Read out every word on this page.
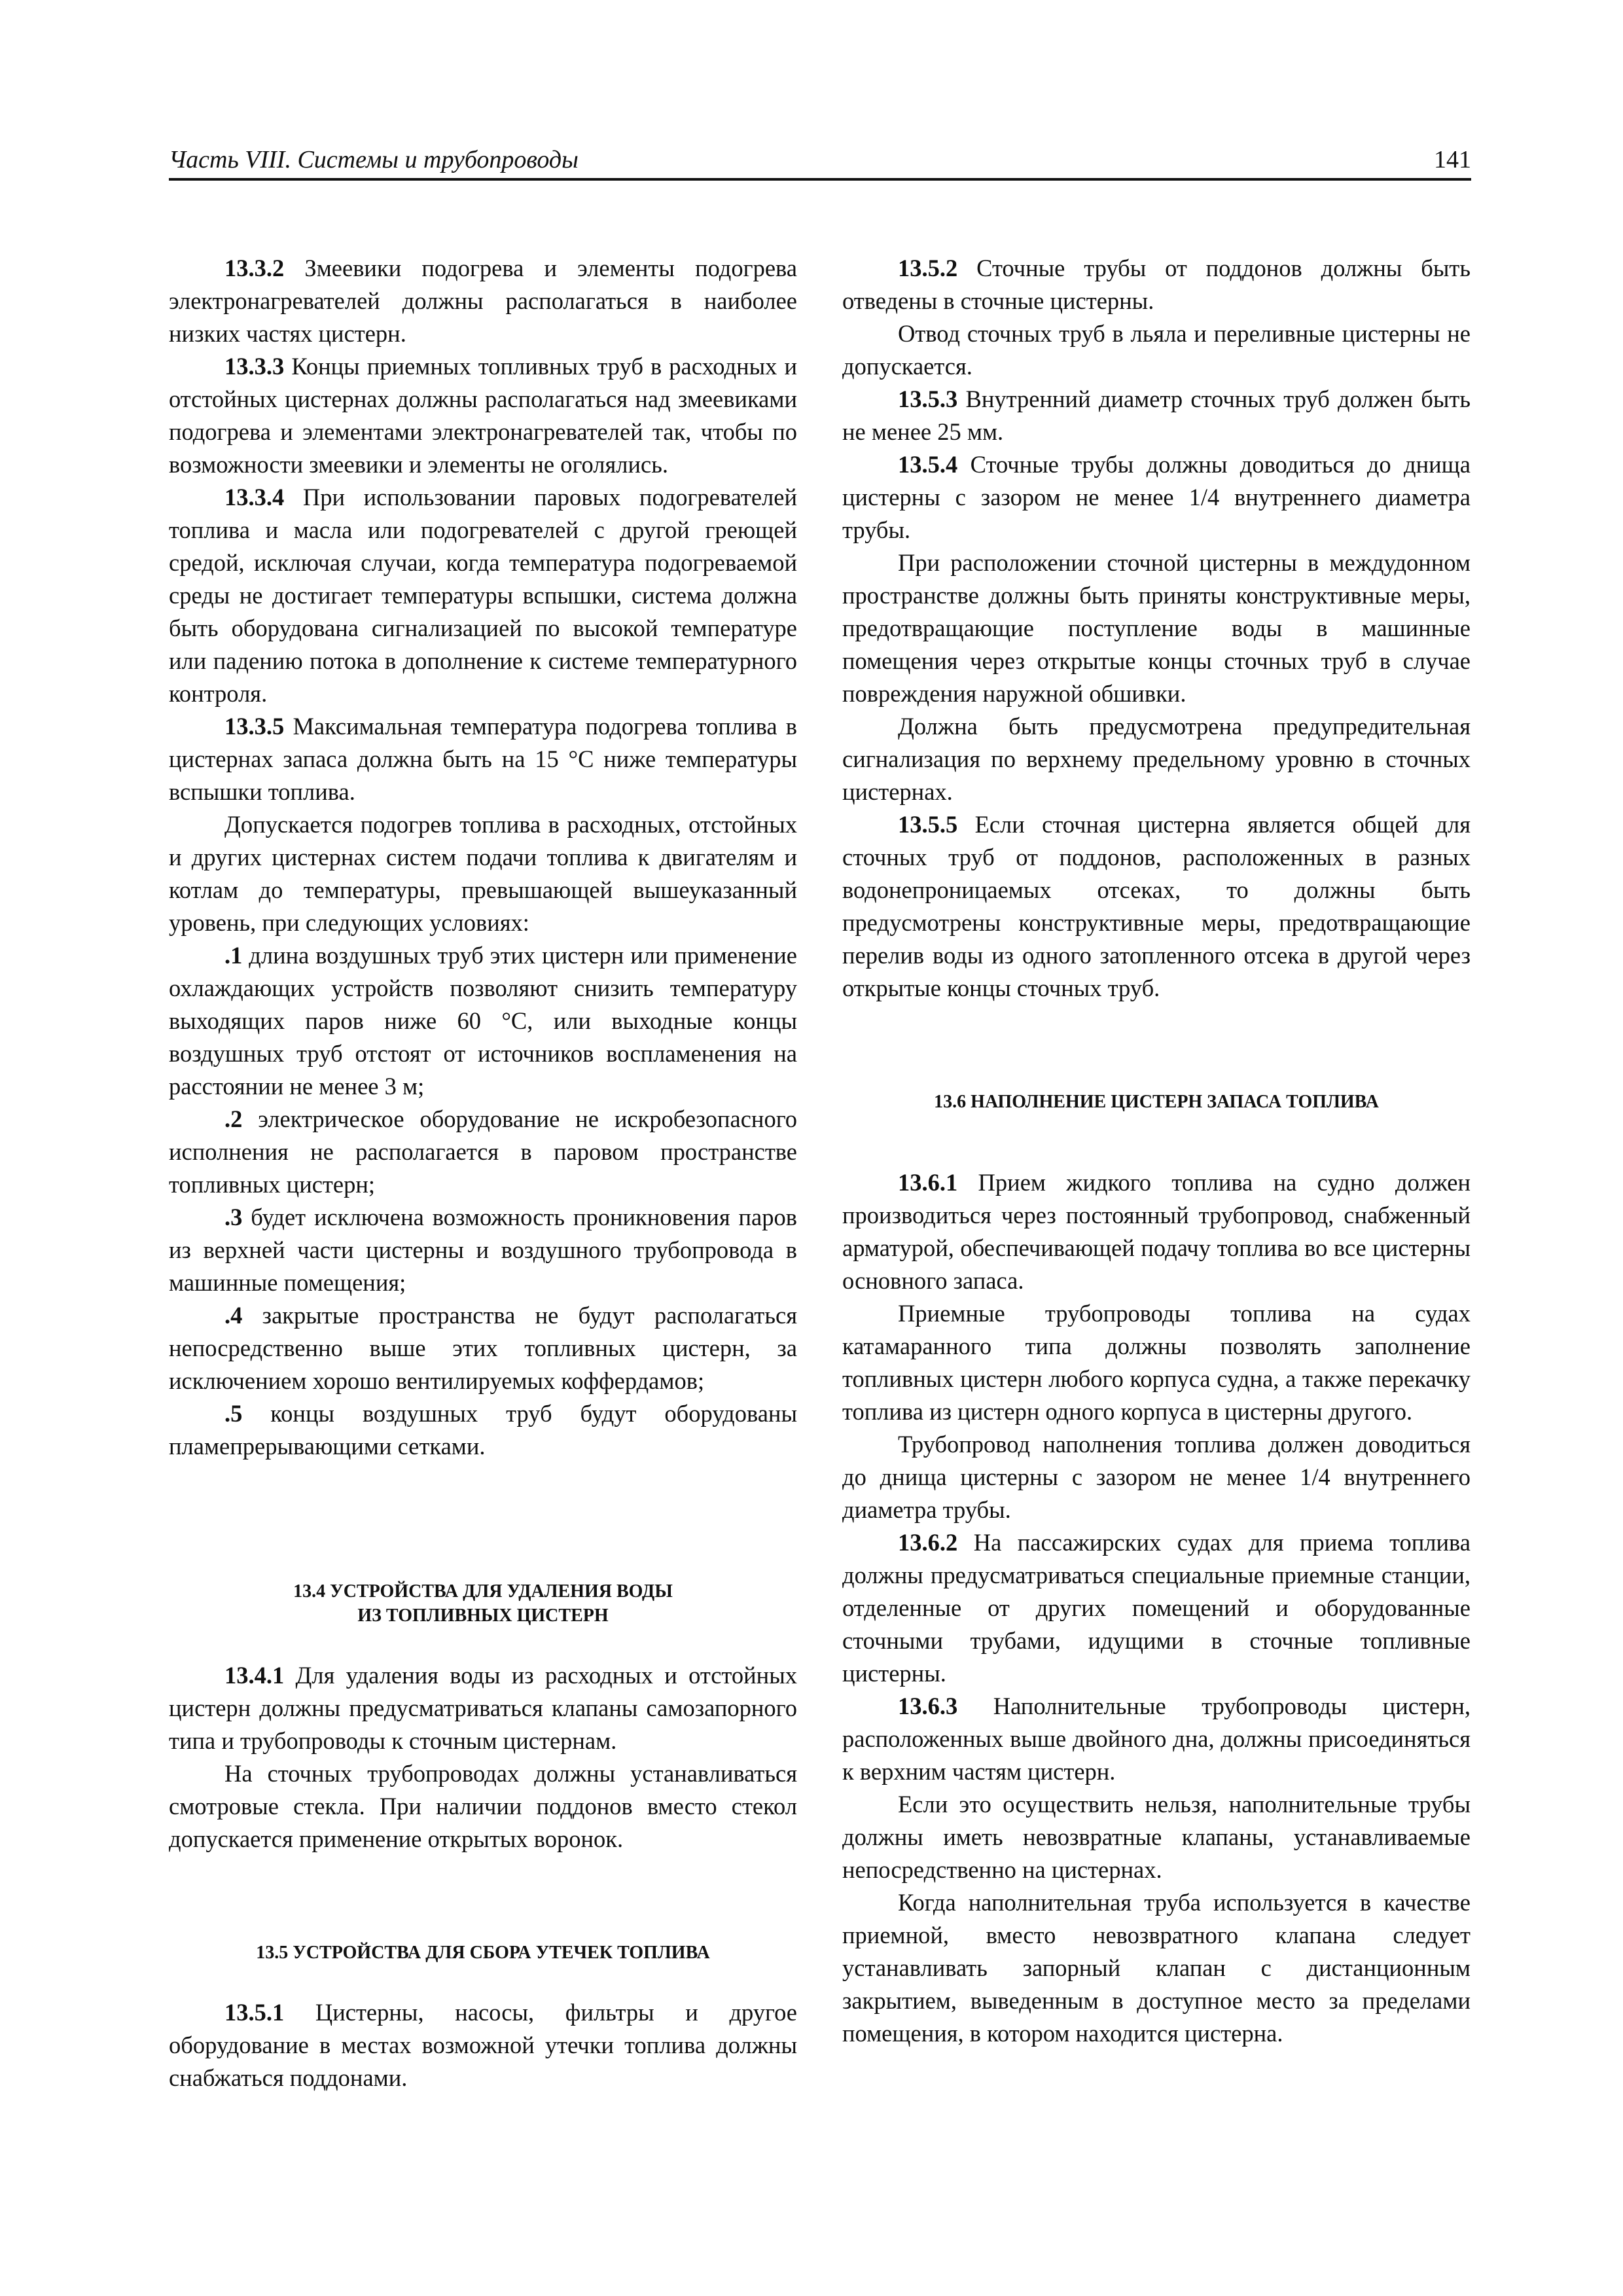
Часть VIII. Системы и трубопроводы	141

13.3.2 Змеевики подогрева и элементы подогрева электронагревателей должны располагаться в наиболее низких частях цистерн.

13.3.3 Концы приемных топливных труб в расходных и отстойных цистернах должны располагаться над змеевиками подогрева и элементами электронагревателей так, чтобы по возможности змеевики и элементы не оголялись.

13.3.4 При использовании паровых подогревателей топлива и масла или подогревателей с другой греющей средой, исключая случаи, когда температура подогреваемой среды не достигает температуры вспышки, система должна быть оборудована сигнализацией по высокой температуре или падению потока в дополнение к системе температурного контроля.

13.3.5 Максимальная температура подогрева топлива в цистернах запаса должна быть на 15 °С ниже температуры вспышки топлива.

Допускается подогрев топлива в расходных, отстойных и других цистернах систем подачи топлива к двигателям и котлам до температуры, превышающей вышеуказанный уровень, при следующих условиях:

.1 длина воздушных труб этих цистерн или применение охлаждающих устройств позволяют снизить температуру выходящих паров ниже 60 °С, или выходные концы воздушных труб отстоят от источников воспламенения на расстоянии не менее 3 м;

.2 электрическое оборудование не искробезопасного исполнения не располагается в паровом пространстве топливных цистерн;

.3 будет исключена возможность проникновения паров из верхней части цистерны и воздушного трубопровода в машинные помещения;

.4 закрытые пространства не будут располагаться непосредственно выше этих топливных цистерн, за исключением хорошо вентилируемых коффердамов;

.5 концы воздушных труб будут оборудованы пламепрерывающими сетками.

13.4 УСТРОЙСТВА ДЛЯ УДАЛЕНИЯ ВОДЫ
ИЗ ТОПЛИВНЫХ ЦИСТЕРН

13.4.1 Для удаления воды из расходных и отстойных цистерн должны предусматриваться клапаны самозапорного типа и трубопроводы к сточным цистернам.

На сточных трубопроводах должны устанавливаться смотровые стекла. При наличии поддонов вместо стекол допускается применение открытых воронок.

13.5 УСТРОЙСТВА ДЛЯ СБОРА УТЕЧЕК ТОПЛИВА

13.5.1 Цистерны, насосы, фильтры и другое оборудование в местах возможной утечки топлива должны снабжаться поддонами.

13.5.2 Сточные трубы от поддонов должны быть отведены в сточные цистерны.

Отвод сточных труб в льяла и переливные цистерны не допускается.

13.5.3 Внутренний диаметр сточных труб должен быть не менее 25 мм.

13.5.4 Сточные трубы должны доводиться до днища цистерны с зазором не менее 1/4 внутреннего диаметра трубы.

При расположении сточной цистерны в междудонном пространстве должны быть приняты конструктивные меры, предотвращающие поступление воды в машинные помещения через открытые концы сточных труб в случае повреждения наружной обшивки.

Должна быть предусмотрена предупредительная сигнализация по верхнему предельному уровню в сточных цистернах.

13.5.5 Если сточная цистерна является общей для сточных труб от поддонов, расположенных в разных водонепроницаемых отсеках, то должны быть предусмотрены конструктивные меры, предотвращающие перелив воды из одного затопленного отсека в другой через открытые концы сточных труб.

13.6 НАПОЛНЕНИЕ ЦИСТЕРН ЗАПАСА ТОПЛИВА

13.6.1 Прием жидкого топлива на судно должен производиться через постоянный трубопровод, снабженный арматурой, обеспечивающей подачу топлива во все цистерны основного запаса.

Приемные трубопроводы топлива на судах катамаранного типа должны позволять заполнение топливных цистерн любого корпуса судна, а также перекачку топлива из цистерн одного корпуса в цистерны другого.

Трубопровод наполнения топлива должен доводиться до днища цистерны с зазором не менее 1/4 внутреннего диаметра трубы.

13.6.2 На пассажирских судах для приема топлива должны предусматриваться специальные приемные станции, отделенные от других помещений и оборудованные сточными трубами, идущими в сточные топливные цистерны.

13.6.3 Наполнительные трубопроводы цистерн, расположенных выше двойного дна, должны присоединяться к верхним частям цистерн.

Если это осуществить нельзя, наполнительные трубы должны иметь невозвратные клапаны, устанавливаемые непосредственно на цистернах.

Когда наполнительная труба используется в качестве приемной, вместо невозвратного клапана следует устанавливать запорный клапан с дистанционным закрытием, выведенным в доступное место за пределами помещения, в котором находится цистерна.
